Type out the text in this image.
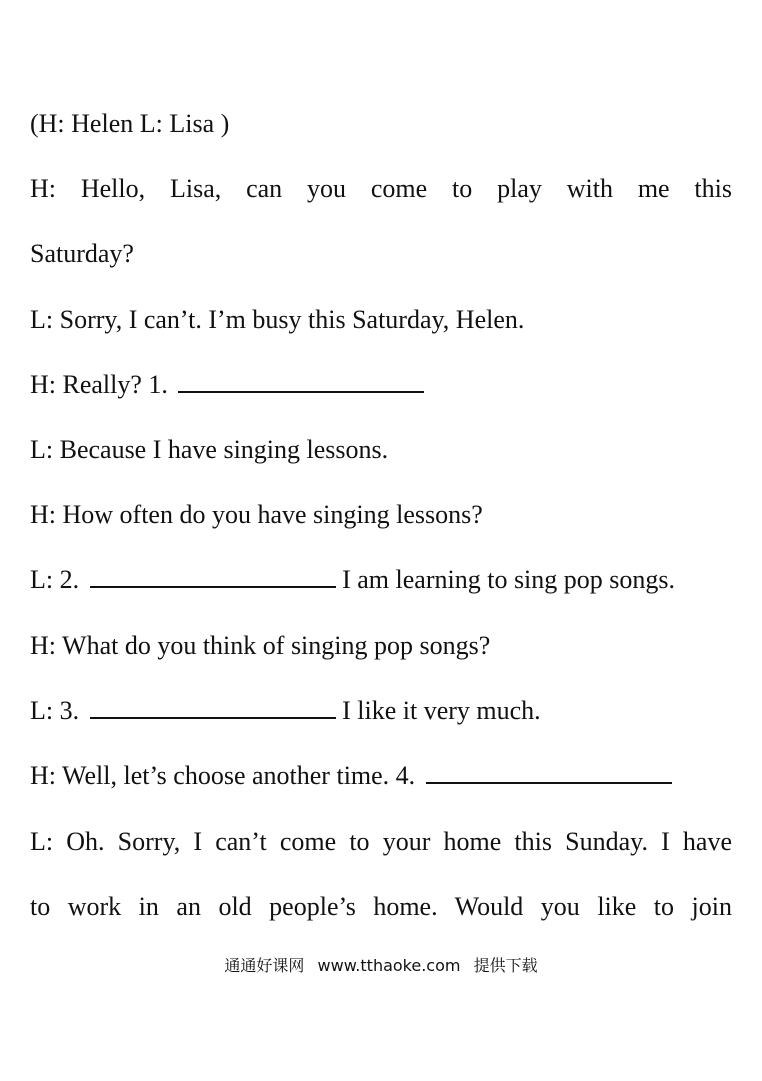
(H: Helen L: Lisa )
H: Hello, Lisa, can you come to play with me this
Saturday?
L: Sorry, I can’t. I’m busy this Saturday, Helen.
H: Really? 1.
L: Because I have singing lessons.
H: How often do you have singing lessons?
L: 2.	I am learning to sing pop songs.
H: What do you think of singing pop songs?
L: 3.	I like it very much.
H: Well, let’s choose another time. 4.
L: Oh. Sorry, I can’t come to your home this Sunday. I have
to work in an old people’s home. Would you like to join
通通好课网 www.tthaoke.com 提供下载
